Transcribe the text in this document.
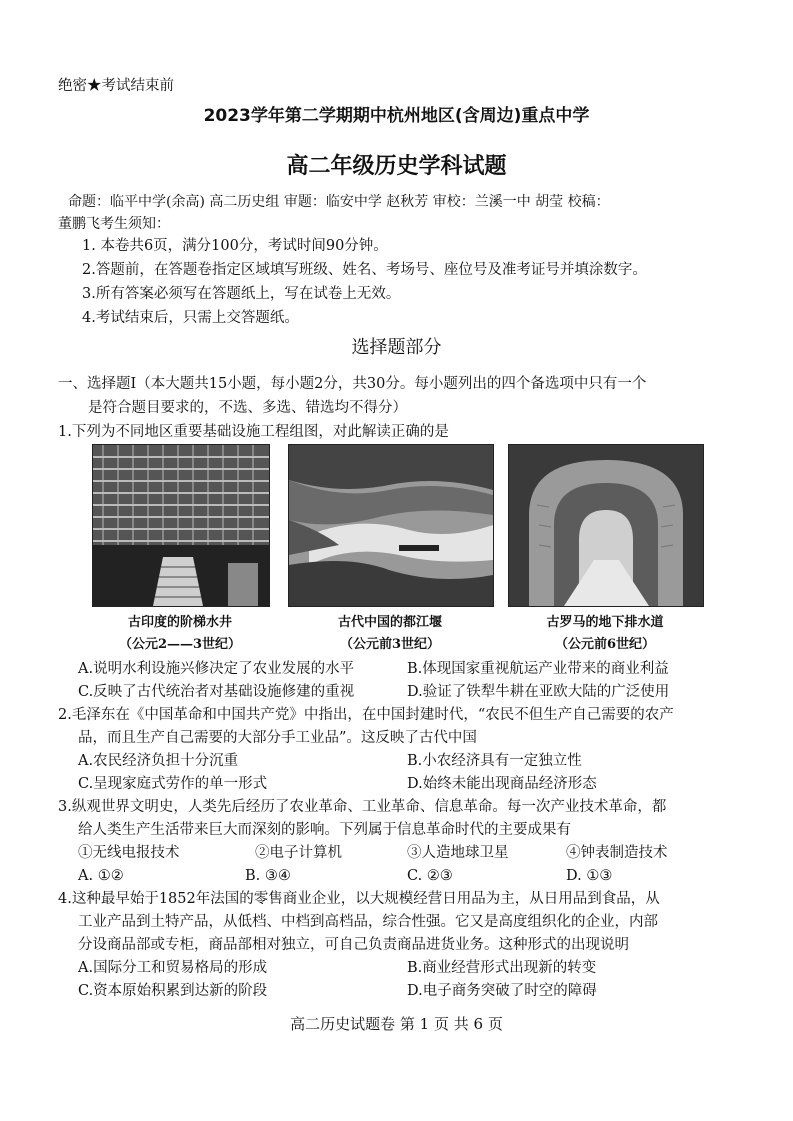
绝密★考试结束前
2023学年第二学期期中杭州地区(含周边)重点中学
高二年级历史学科试题
命题：临平中学(余高) 高二历史组 审题：临安中学 赵秋芳 审校：兰溪一中 胡莹 校稿：
董鹏飞考生须知：
1. 本卷共6页，满分100分，考试时间90分钟。
2.答题前，在答题卷指定区域填写班级、姓名、考场号、座位号及准考证号并填涂数字。
3.所有答案必须写在答题纸上，写在试卷上无效。
4.考试结束后，只需上交答题纸。
选择题部分
一、选择题Ⅰ（本大题共15小题，每小题2分，共30分。每小题列出的四个备选项中只有一个
是符合题目要求的，不选、多选、错选均不得分）
1.下列为不同地区重要基础设施工程组图，对此解读正确的是
古印度的阶梯水井
（公元2——3世纪）
古代中国的都江堰
（公元前3世纪）
古罗马的地下排水道
（公元前6世纪）
A.说明水利设施兴修决定了农业发展的水平	B.体现国家重视航运产业带来的商业利益
C.反映了古代统治者对基础设施修建的重视	D.验证了铁犁牛耕在亚欧大陆的广泛使用
2.毛泽东在《中国革命和中国共产党》中指出，在中国封建时代，“农民不但生产自己需要的农产
品，而且生产自己需要的大部分手工业品”。这反映了古代中国
A.农民经济负担十分沉重	B.小农经济具有一定独立性
C.呈现家庭式劳作的单一形式	D.始终未能出现商品经济形态
3.纵观世界文明史，人类先后经历了农业革命、工业革命、信息革命。每一次产业技术革命，都
给人类生产生活带来巨大而深刻的影响。下列属于信息革命时代的主要成果有
①无线电报技术	②电子计算机	③人造地球卫星	④钟表制造技术
A. ①②	B. ③④	C. ②③	D. ①③
4.这种最早始于1852年法国的零售商业企业，以大规模经营日用品为主，从日用品到食品，从
工业产品到土特产品，从低档、中档到高档品，综合性强。它又是高度组织化的企业，内部
分设商品部或专柜，商品部相对独立，可自己负责商品进货业务。这种形式的出现说明
A.国际分工和贸易格局的形成	B.商业经营形式出现新的转变
C.资本原始积累到达新的阶段	D.电子商务突破了时空的障碍
高二历史试题卷 第 1 页 共 6 页
